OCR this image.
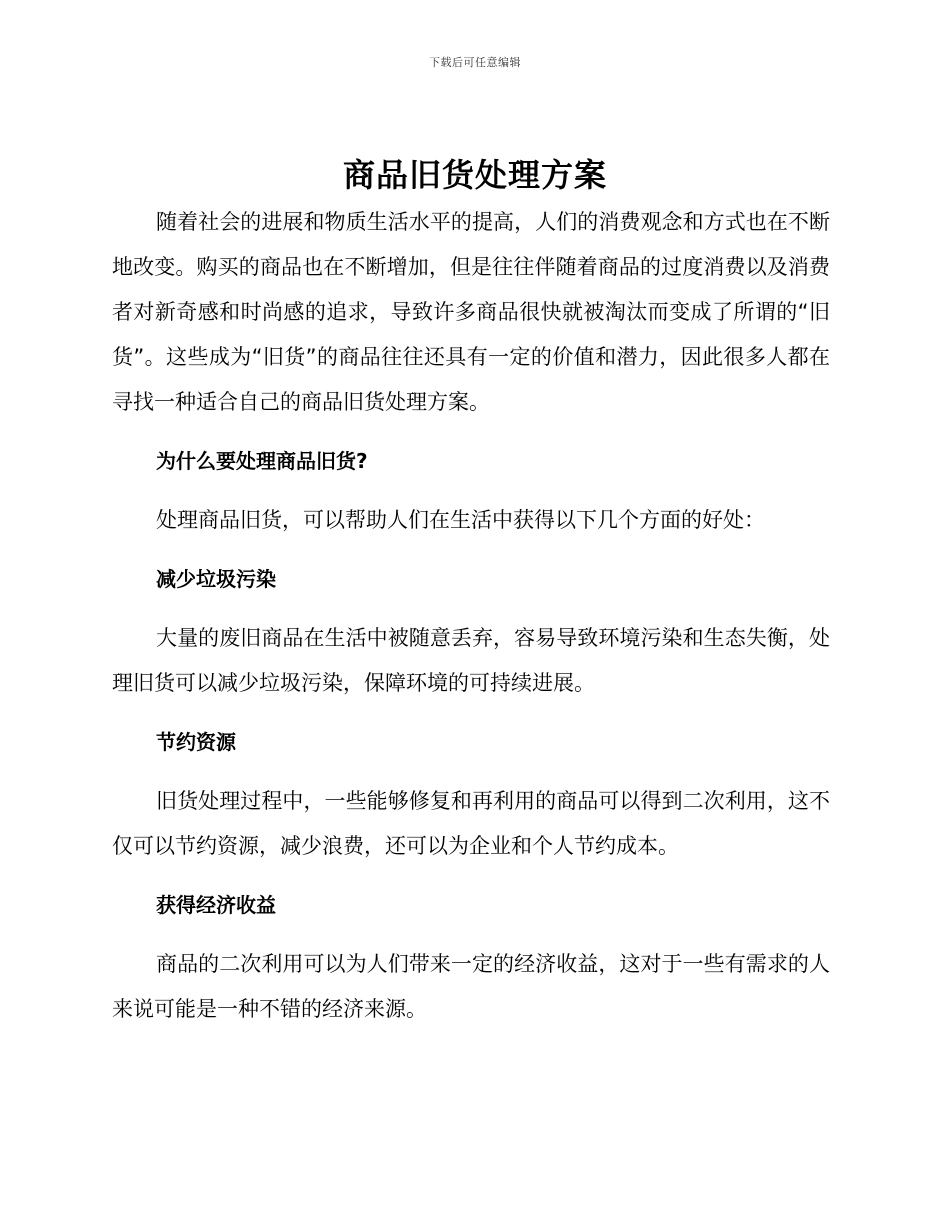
下载后可任意编辑
商品旧货处理方案

随着社会的进展和物质生活水平的提高，人们的消费观念和方式也在不断地改变。购买的商品也在不断增加，但是往往伴随着商品的过度消费以及消费者对新奇感和时尚感的追求，导致许多商品很快就被淘汰而变成了所谓的“旧货”。这些成为“旧货”的商品往往还具有一定的价值和潜力，因此很多人都在寻找一种适合自己的商品旧货处理方案。

为什么要处理商品旧货?

处理商品旧货，可以帮助人们在生活中获得以下几个方面的好处：

减少垃圾污染

大量的废旧商品在生活中被随意丢弃，容易导致环境污染和生态失衡，处理旧货可以减少垃圾污染，保障环境的可持续进展。

节约资源

旧货处理过程中，一些能够修复和再利用的商品可以得到二次利用，这不仅可以节约资源，减少浪费，还可以为企业和个人节约成本。

获得经济收益

商品的二次利用可以为人们带来一定的经济收益，这对于一些有需求的人来说可能是一种不错的经济来源。
